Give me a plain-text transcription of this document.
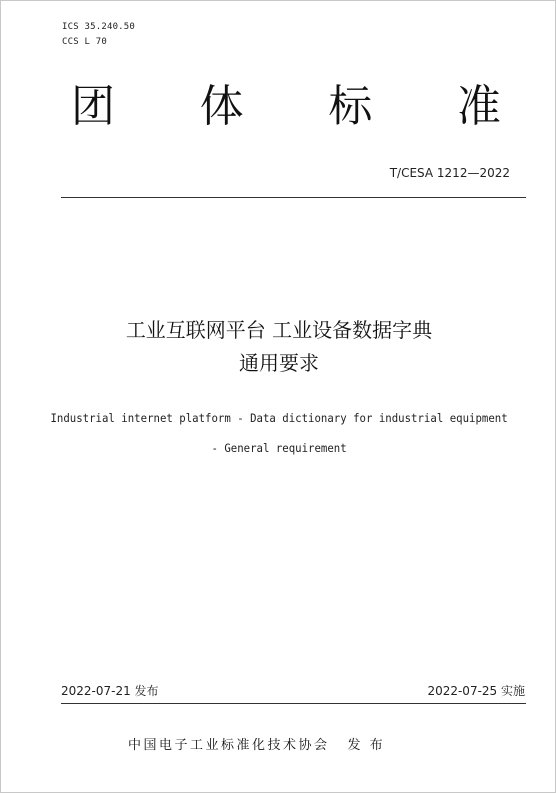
ICS 35.240.50
CCS L 70
团 体 标 准
T/CESA 1212—2022
工业互联网平台 工业设备数据字典
通用要求
Industrial internet platform - Data dictionary for industrial equipment
- General requirement
2022-07-21 发布	2022-07-25 实施
中国电子工业标准化技术协会 发 布
